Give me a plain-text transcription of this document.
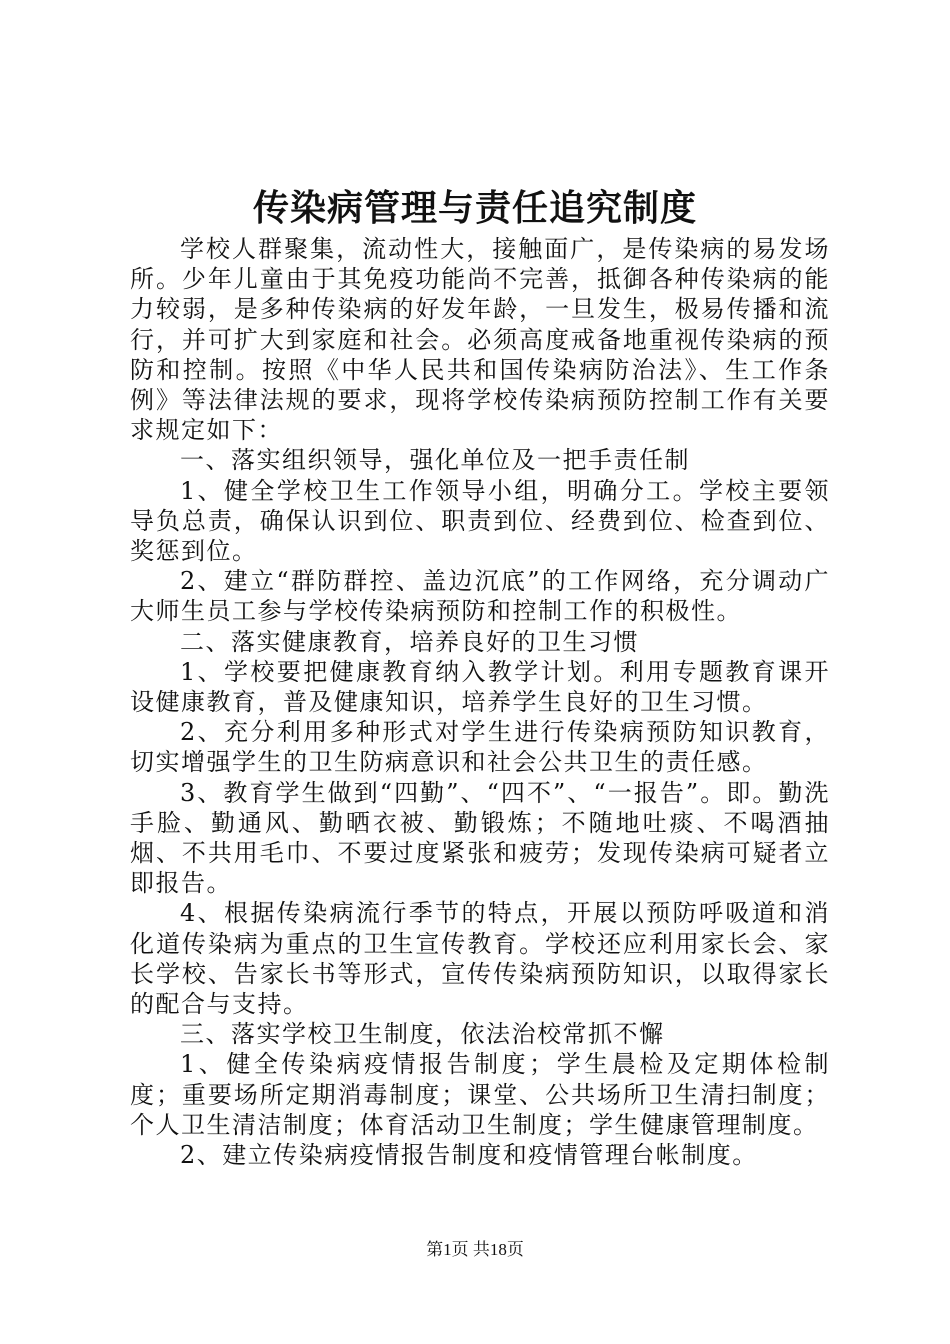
传染病管理与责任追究制度

学校人群聚集，流动性大，接触面广，是传染病的易发场所。少年儿童由于其免疫功能尚不完善，抵御各种传染病的能力较弱，是多种传染病的好发年龄，一旦发生，极易传播和流行，并可扩大到家庭和社会。必须高度戒备地重视传染病的预防和控制。按照《中华人民共和国传染病防治法》、生工作条例》等法律法规的要求，现将学校传染病预防控制工作有关要求规定如下：

一、落实组织领导，强化单位及一把手责任制

1、健全学校卫生工作领导小组，明确分工。学校主要领导负总责，确保认识到位、职责到位、经费到位、检查到位、奖惩到位。

2、建立“群防群控、盖边沉底”的工作网络，充分调动广大师生员工参与学校传染病预防和控制工作的积极性。

二、落实健康教育，培养良好的卫生习惯

1、学校要把健康教育纳入教学计划。利用专题教育课开设健康教育，普及健康知识，培养学生良好的卫生习惯。

2、充分利用多种形式对学生进行传染病预防知识教育，切实增强学生的卫生防病意识和社会公共卫生的责任感。

3、教育学生做到“四勤”、“四不”、“一报告”。即。勤洗手脸、勤通风、勤晒衣被、勤锻炼；不随地吐痰、不喝酒抽烟、不共用毛巾、不要过度紧张和疲劳；发现传染病可疑者立即报告。

4、根据传染病流行季节的特点，开展以预防呼吸道和消化道传染病为重点的卫生宣传教育。学校还应利用家长会、家长学校、告家长书等形式，宣传传染病预防知识，以取得家长的配合与支持。

三、落实学校卫生制度，依法治校常抓不懈

1、健全传染病疫情报告制度；学生晨检及定期体检制度；重要场所定期消毒制度；课堂、公共场所卫生清扫制度；个人卫生清洁制度；体育活动卫生制度；学生健康管理制度。

2、建立传染病疫情报告制度和疫情管理台帐制度。

第1页 共18页
